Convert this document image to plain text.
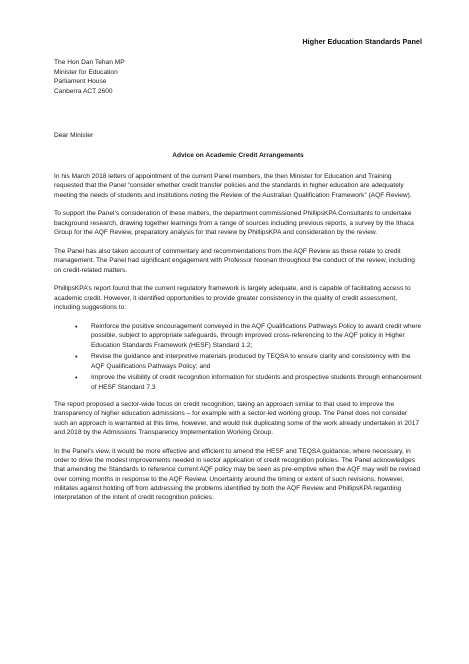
Higher Education Standards Panel
The Hon Dan Tehan MP
Minister for Education
Parliament House
Canberra ACT 2600
Dear Minister
Advice on Academic Credit Arrangements

In his March 2018 letters of appointment of the current Panel members, the then Minister for Education and Training requested that the Panel “consider whether credit transfer policies and the standards in higher education are adequately meeting the needs of students and institutions noting the Review of the Australian Qualification Framework” (AQF Review).

To support the Panel’s consideration of these matters, the department commissioned PhillipsKPA Consultants to undertake background research, drawing together learnings from a range of sources including previous reports, a survey by the Ithaca Group for the AQF Review, preparatory analysis for that review by PhillipsKPA and consideration by the review.

The Panel has also taken account of commentary and recommendations from the AQF Review as these relate to credit management. The Panel had significant engagement with Professor Noonan throughout the conduct of the review, including on credit-related matters.

PhillipsKPA’s report found that the current regulatory framework is largely adequate, and is capable of facilitating access to academic credit. However, it identified opportunities to provide greater consistency in the quality of credit assessment, including suggestions to:

• Reinforce the positive encouragement conveyed in the AQF Qualifications Pathways Policy to award credit where possible, subject to appropriate safeguards, through improved cross-referencing to the AQF policy in Higher Education Standards Framework (HESF) Standard 1.2;
• Revise the guidance and interpretive materials produced by TEQSA to ensure clarity and consistency with the AQF Qualifications Pathways Policy; and
• Improve the visibility of credit recognition information for students and prospective students through enhancement of HESF Standard 7.3

The report proposed a sector-wide focus on credit recognition, taking an approach similar to that used to improve the transparency of higher education admissions – for example with a sector-led working group. The Panel does not consider such an approach is warranted at this time, however, and would risk duplicating some of the work already undertaken in 2017 and 2018 by the Admissions Transparency Implementation Working Group.

In the Panel’s view, it would be more effective and efficient to amend the HESF and TEQSA guidance, where necessary, in order to drive the modest improvements needed in sector application of credit recognition policies. The Panel acknowledges that amending the Standards to reference current AQF policy may be seen as pre-emptive when the AQF may well be revised over coming months in response to the AQF Review. Uncertainty around the timing or extent of such revisions, however, militates against holding off from addressing the problems identified by both the AQF Review and PhillipsKPA regarding interpretation of the intent of credit recognition policies.
